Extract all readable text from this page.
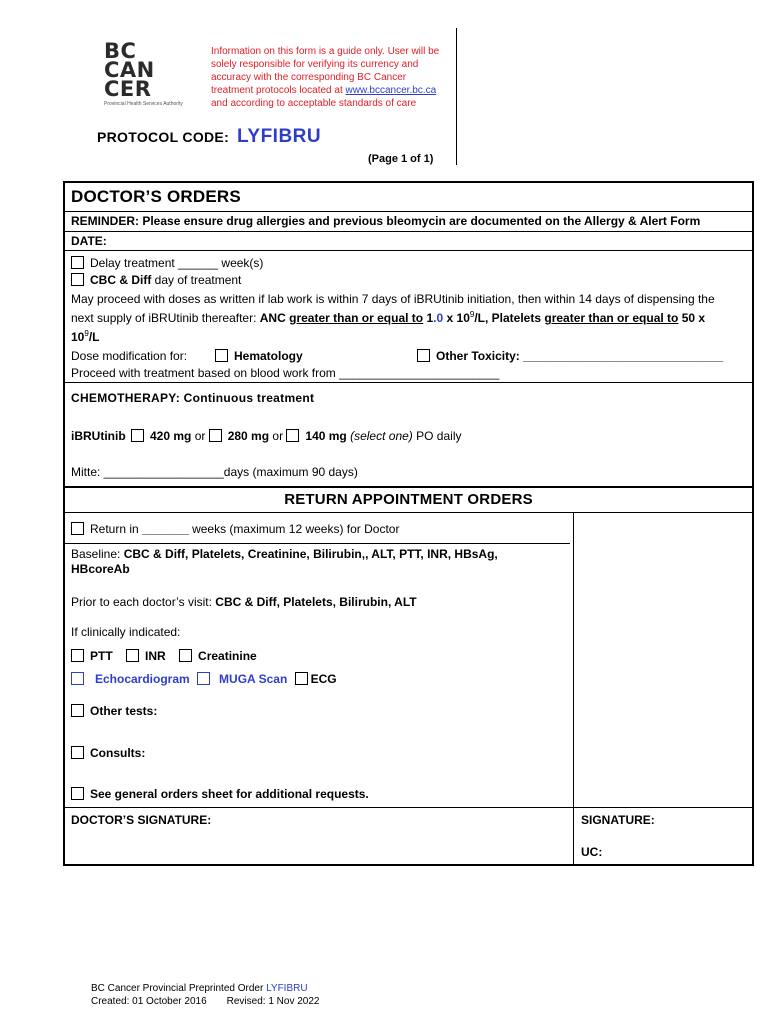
BC
CAN
CER
Provincial Health Services Authority
Information on this form is a guide only. User will be
solely responsible for verifying its currency and
accuracy with the corresponding BC Cancer
treatment protocols located at www.bccancer.bc.ca
and according to acceptable standards of care
PROTOCOL CODE: LYFIBRU
(Page 1 of 1)
DOCTOR’S ORDERS
REMINDER: Please ensure drug allergies and previous bleomycin are documented on the Allergy & Alert Form
DATE:
Delay treatment ______ week(s)
CBC & Diff day of treatment
May proceed with doses as written if lab work is within 7 days of iBRUtinib initiation, then within 14 days of dispensing the
next supply of iBRUtinib thereafter: ANC greater than or equal to 1.0 x $10^9/L$, Platelets greater than or equal to 50 x
$10^9/L$
Dose modification for:	Hematology	Other Toxicity: ______________________________
Proceed with treatment based on blood work from ________________________
CHEMOTHERAPY: Continuous treatment
iBRUtinib 420 mg or 280 mg or 140 mg (select one) PO daily
Mitte: __________________days (maximum 90 days)
RETURN APPOINTMENT ORDERS
Return in _______ weeks (maximum 12 weeks) for Doctor
Baseline: CBC & Diff, Platelets, Creatinine, Bilirubin,, ALT, PTT, INR, HBsAg,
HBcoreAb
Prior to each doctor’s visit: CBC & Diff, Platelets, Bilirubin, ALT
If clinically indicated:
PTT	INR	Creatinine
Echocardiogram MUGA Scan ECG
Other tests:
Consults:
See general orders sheet for additional requests.
DOCTOR’S SIGNATURE:	SIGNATURE:
UC:
BC Cancer Provincial Preprinted Order LYFIBRU
Created: 01 October 2016 Revised: 1 Nov 2022
